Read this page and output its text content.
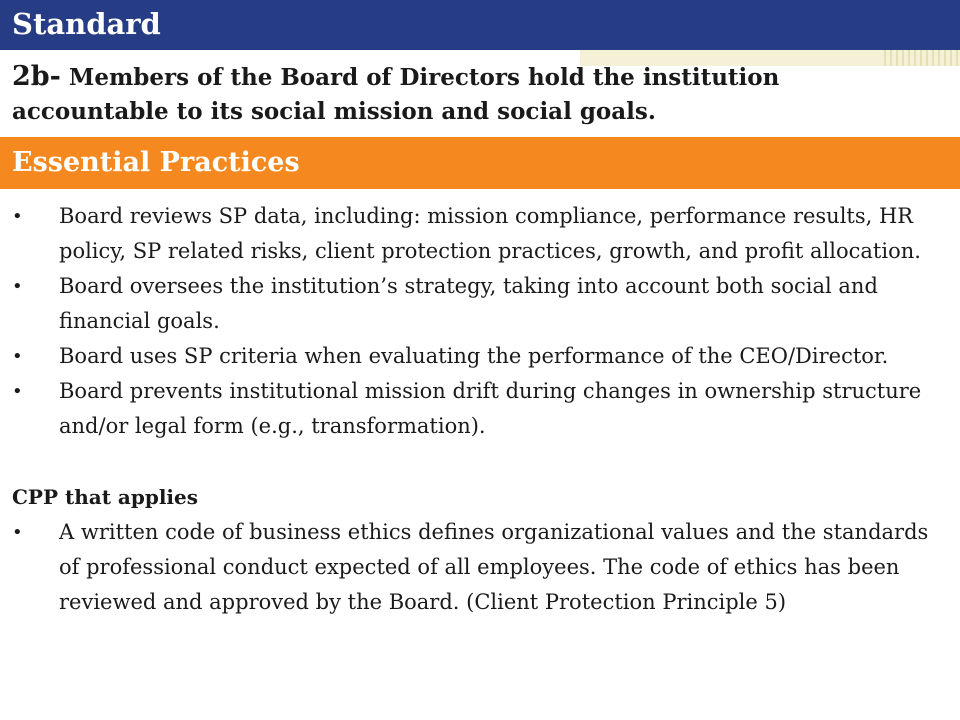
Standard

2b- Members of the Board of Directors hold the institution accountable to its social mission and social goals.

Essential Practices
• Board reviews SP data, including: mission compliance, performance results, HR policy, SP related risks, client protection practices, growth, and profit allocation.
• Board oversees the institution’s strategy, taking into account both social and financial goals.
• Board uses SP criteria when evaluating the performance of the CEO/Director.
• Board prevents institutional mission drift during changes in ownership structure and/or legal form (e.g., transformation).
CPP that applies
• A written code of business ethics defines organizational values and the standards of professional conduct expected of all employees. The code of ethics has been reviewed and approved by the Board. (Client Protection Principle 5)
